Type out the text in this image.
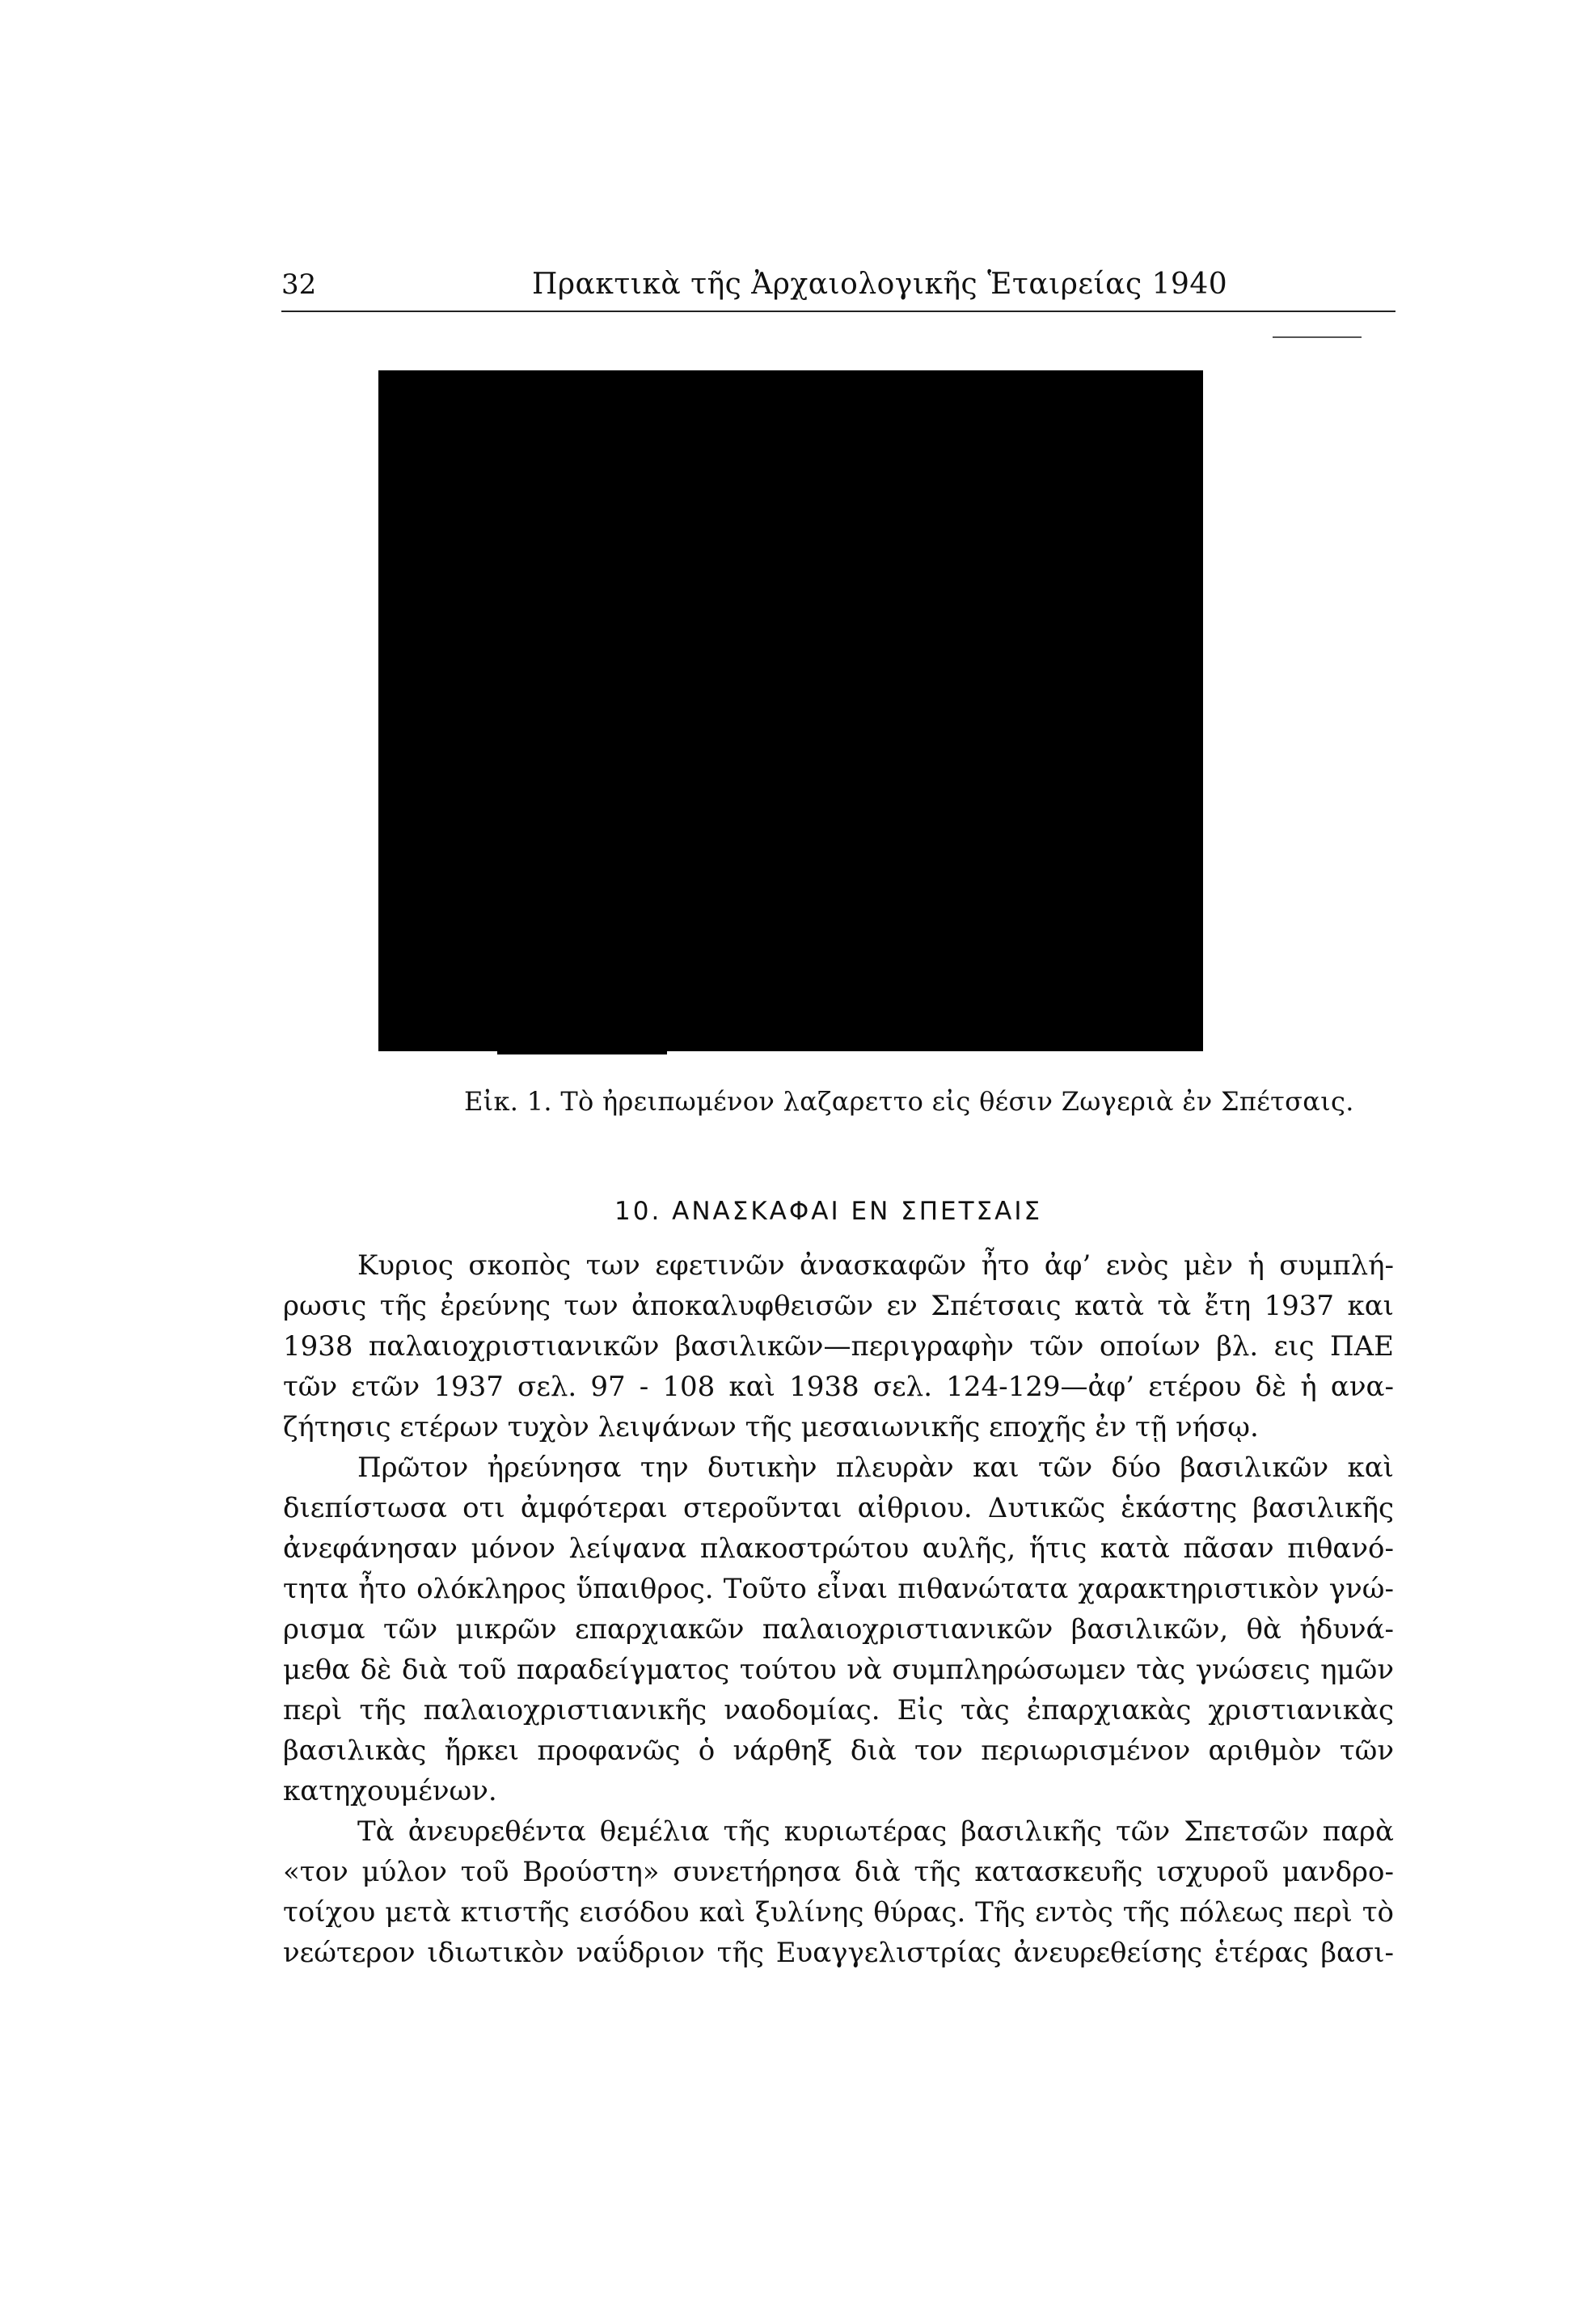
32	Πρακτικὰ τῆς Ἀρχαιολογικῆς Ἑταιρείας 1940
Εἰκ. 1. Τὸ ἠρειπωμένον λαζαρεττο εἰς θέσιν Ζωγεριὰ ἐν Σπέτσαις.
10. ΑΝΑΣΚΑΦΑΙ ΕΝ ΣΠΕΤΣΑΙΣ
Κυριος σκοπὸς των εφετινῶν ἀνασκαφῶν ἦτο ἀφ’ ενὸς μὲν ἡ συμπλή-
ρωσις τῆς ἐρεύνης των ἀποκαλυφθεισῶν εν Σπέτσαις κατὰ τὰ ἔτη 1937 και
1938 παλαιοχριστιανικῶν βασιλικῶν—περιγραφὴν τῶν οποίων βλ. εις ΠΑΕ
τῶν ετῶν 1937 σελ. 97 - 108 καὶ 1938 σελ. 124-129—ἀφ’ ετέρου δὲ ἡ ανα-
ζήτησις ετέρων τυχὸν λειψάνων τῆς μεσαιωνικῆς εποχῆς ἐν τῇ νήσῳ.
Πρῶτον ἠρεύνησα την δυτικὴν πλευρὰν και τῶν δύο βασιλικῶν καὶ
διεπίστωσα οτι ἀμφότεραι στεροῦνται αἰθριου. Δυτικῶς ἑκάστης βασιλικῆς
ἀνεφάνησαν μόνον λείψανα πλακοστρώτου αυλῆς, ἥτις κατὰ πᾶσαν πιθανό-
τητα ἦτο ολόκληρος ὕπαιθρος. Τοῦτο εἶναι πιθανώτατα χαρακτηριστικὸν γνώ-
ρισμα τῶν μικρῶν επαρχιακῶν παλαιοχριστιανικῶν βασιλικῶν, θὰ ἠδυνά-
μεθα δὲ διὰ τοῦ παραδείγματος τούτου νὰ συμπληρώσωμεν τὰς γνώσεις ημῶν
περὶ τῆς παλαιοχριστιανικῆς ναοδομίας. Εἰς τὰς ἐπαρχιακὰς χριστιανικὰς
βασιλικὰς ἤρκει προφανῶς ὁ νάρθηξ διὰ τον περιωρισμένον αριθμὸν τῶν
κατηχουμένων.
Τὰ ἀνευρεθέντα θεμέλια τῆς κυριωτέρας βασιλικῆς τῶν Σπετσῶν παρὰ
«τον μύλον τοῦ Βρούστη» συνετήρησα διὰ τῆς κατασκευῆς ισχυροῦ μανδρο-
τοίχου μετὰ κτιστῆς εισόδου καὶ ξυλίνης θύρας. Τῆς εντὸς τῆς πόλεως περὶ τὸ
νεώτερον ιδιωτικὸν ναΰδριον τῆς Ευαγγελιστρίας ἀνευρεθείσης ἑτέρας βασι-
